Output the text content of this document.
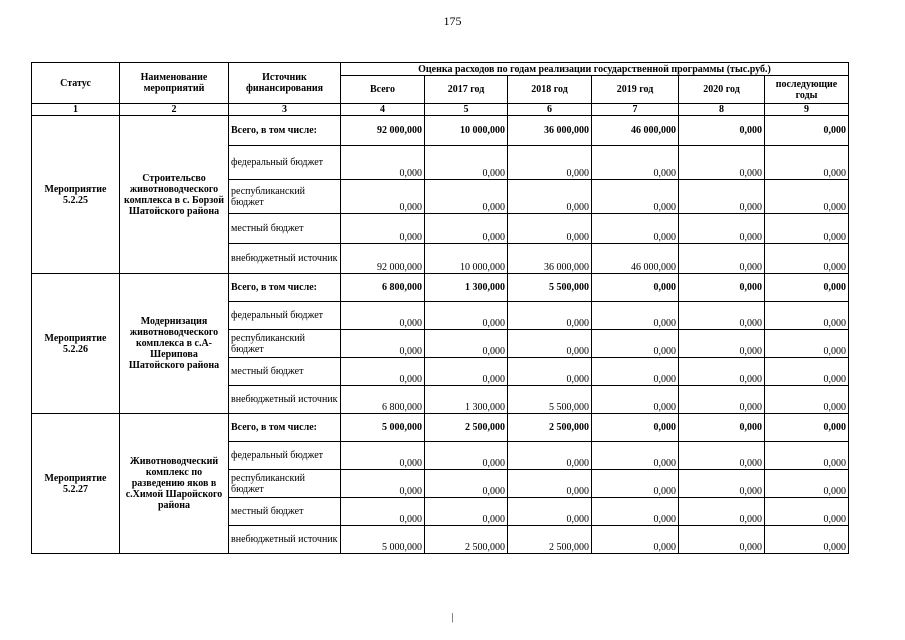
175
Статус	Наименование мероприятий	Источник финансирования	Оценка расходов по годам реализации государственной программы (тыс.руб.)					
			Всего	2017 год	2018 год	2019 год	2020 год	последующие годы
1	2	3	4	5	6	7	8	9
Мероприятие 5.2.25	Строительсво животноводческого комплекса в с. Борзой Шатойского района	Всего, в том числе:	92 000,000	10 000,000	36 000,000	46 000,000	0,000	0,000
		федеральный бюджет	0,000	0,000	0,000	0,000	0,000	0,000
		республиканский бюджет	0,000	0,000	0,000	0,000	0,000	0,000
		местный бюджет	0,000	0,000	0,000	0,000	0,000	0,000
		внебюджетный источник	92 000,000	10 000,000	36 000,000	46 000,000	0,000	0,000
Мероприятие 5.2.26	Модернизация животноводческого комплекса в с.А-Шерипова Шатойского района	Всего, в том числе:	6 800,000	1 300,000	5 500,000	0,000	0,000	0,000
		федеральный бюджет	0,000	0,000	0,000	0,000	0,000	0,000
		республиканский бюджет	0,000	0,000	0,000	0,000	0,000	0,000
		местный бюджет	0,000	0,000	0,000	0,000	0,000	0,000
		внебюджетный источник	6 800,000	1 300,000	5 500,000	0,000	0,000	0,000
Мероприятие 5.2.27	Животноводческий комплекс по разведению яков в с.Химой Шаройского района	Всего, в том числе:	5 000,000	2 500,000	2 500,000	0,000	0,000	0,000
		федеральный бюджет	0,000	0,000	0,000	0,000	0,000	0,000
		республиканский бюджет	0,000	0,000	0,000	0,000	0,000	0,000
		местный бюджет	0,000	0,000	0,000	0,000	0,000	0,000
		внебюджетный источник	5 000,000	2 500,000	2 500,000	0,000	0,000	0,000
|
